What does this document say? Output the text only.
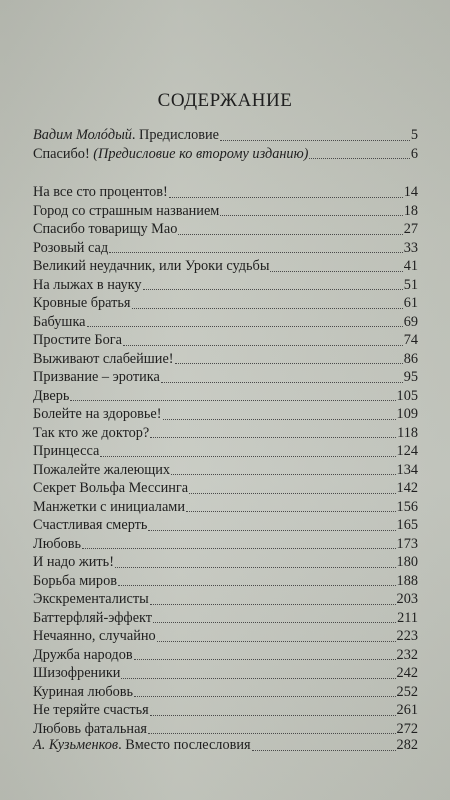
СОДЕРЖАНИЕ
Вадим Молóдый. Предисловие	5
Спасибо! (Предисловие ко второму изданию)	6
На все сто процентов!	14
Город со страшным названием	18
Спасибо товарищу Мао	27
Розовый сад	33
Великий неудачник, или Уроки судьбы	41
На лыжах в науку	51
Кровные братья	61
Бабушка	69
Простите Бога	74
Выживают слабейшие!	86
Призвание – эротика	95
Дверь	105
Болейте на здоровье!	109
Так кто же доктор?	118
Принцесса	124
Пожалейте жалеющих	134
Секрет Вольфа Мессинга	142
Манжетки с инициалами	156
Счастливая смерть	165
Любовь	173
И надо жить!	180
Борьба миров	188
Экскременталисты	203
Баттерфляй-эффект	211
Нечаянно, случайно	223
Дружба народов	232
Шизофреники	242
Куриная любовь	252
Не теряйте счастья	261
Любовь фатальная	272
А. Кузьменков. Вместо послесловия	282
